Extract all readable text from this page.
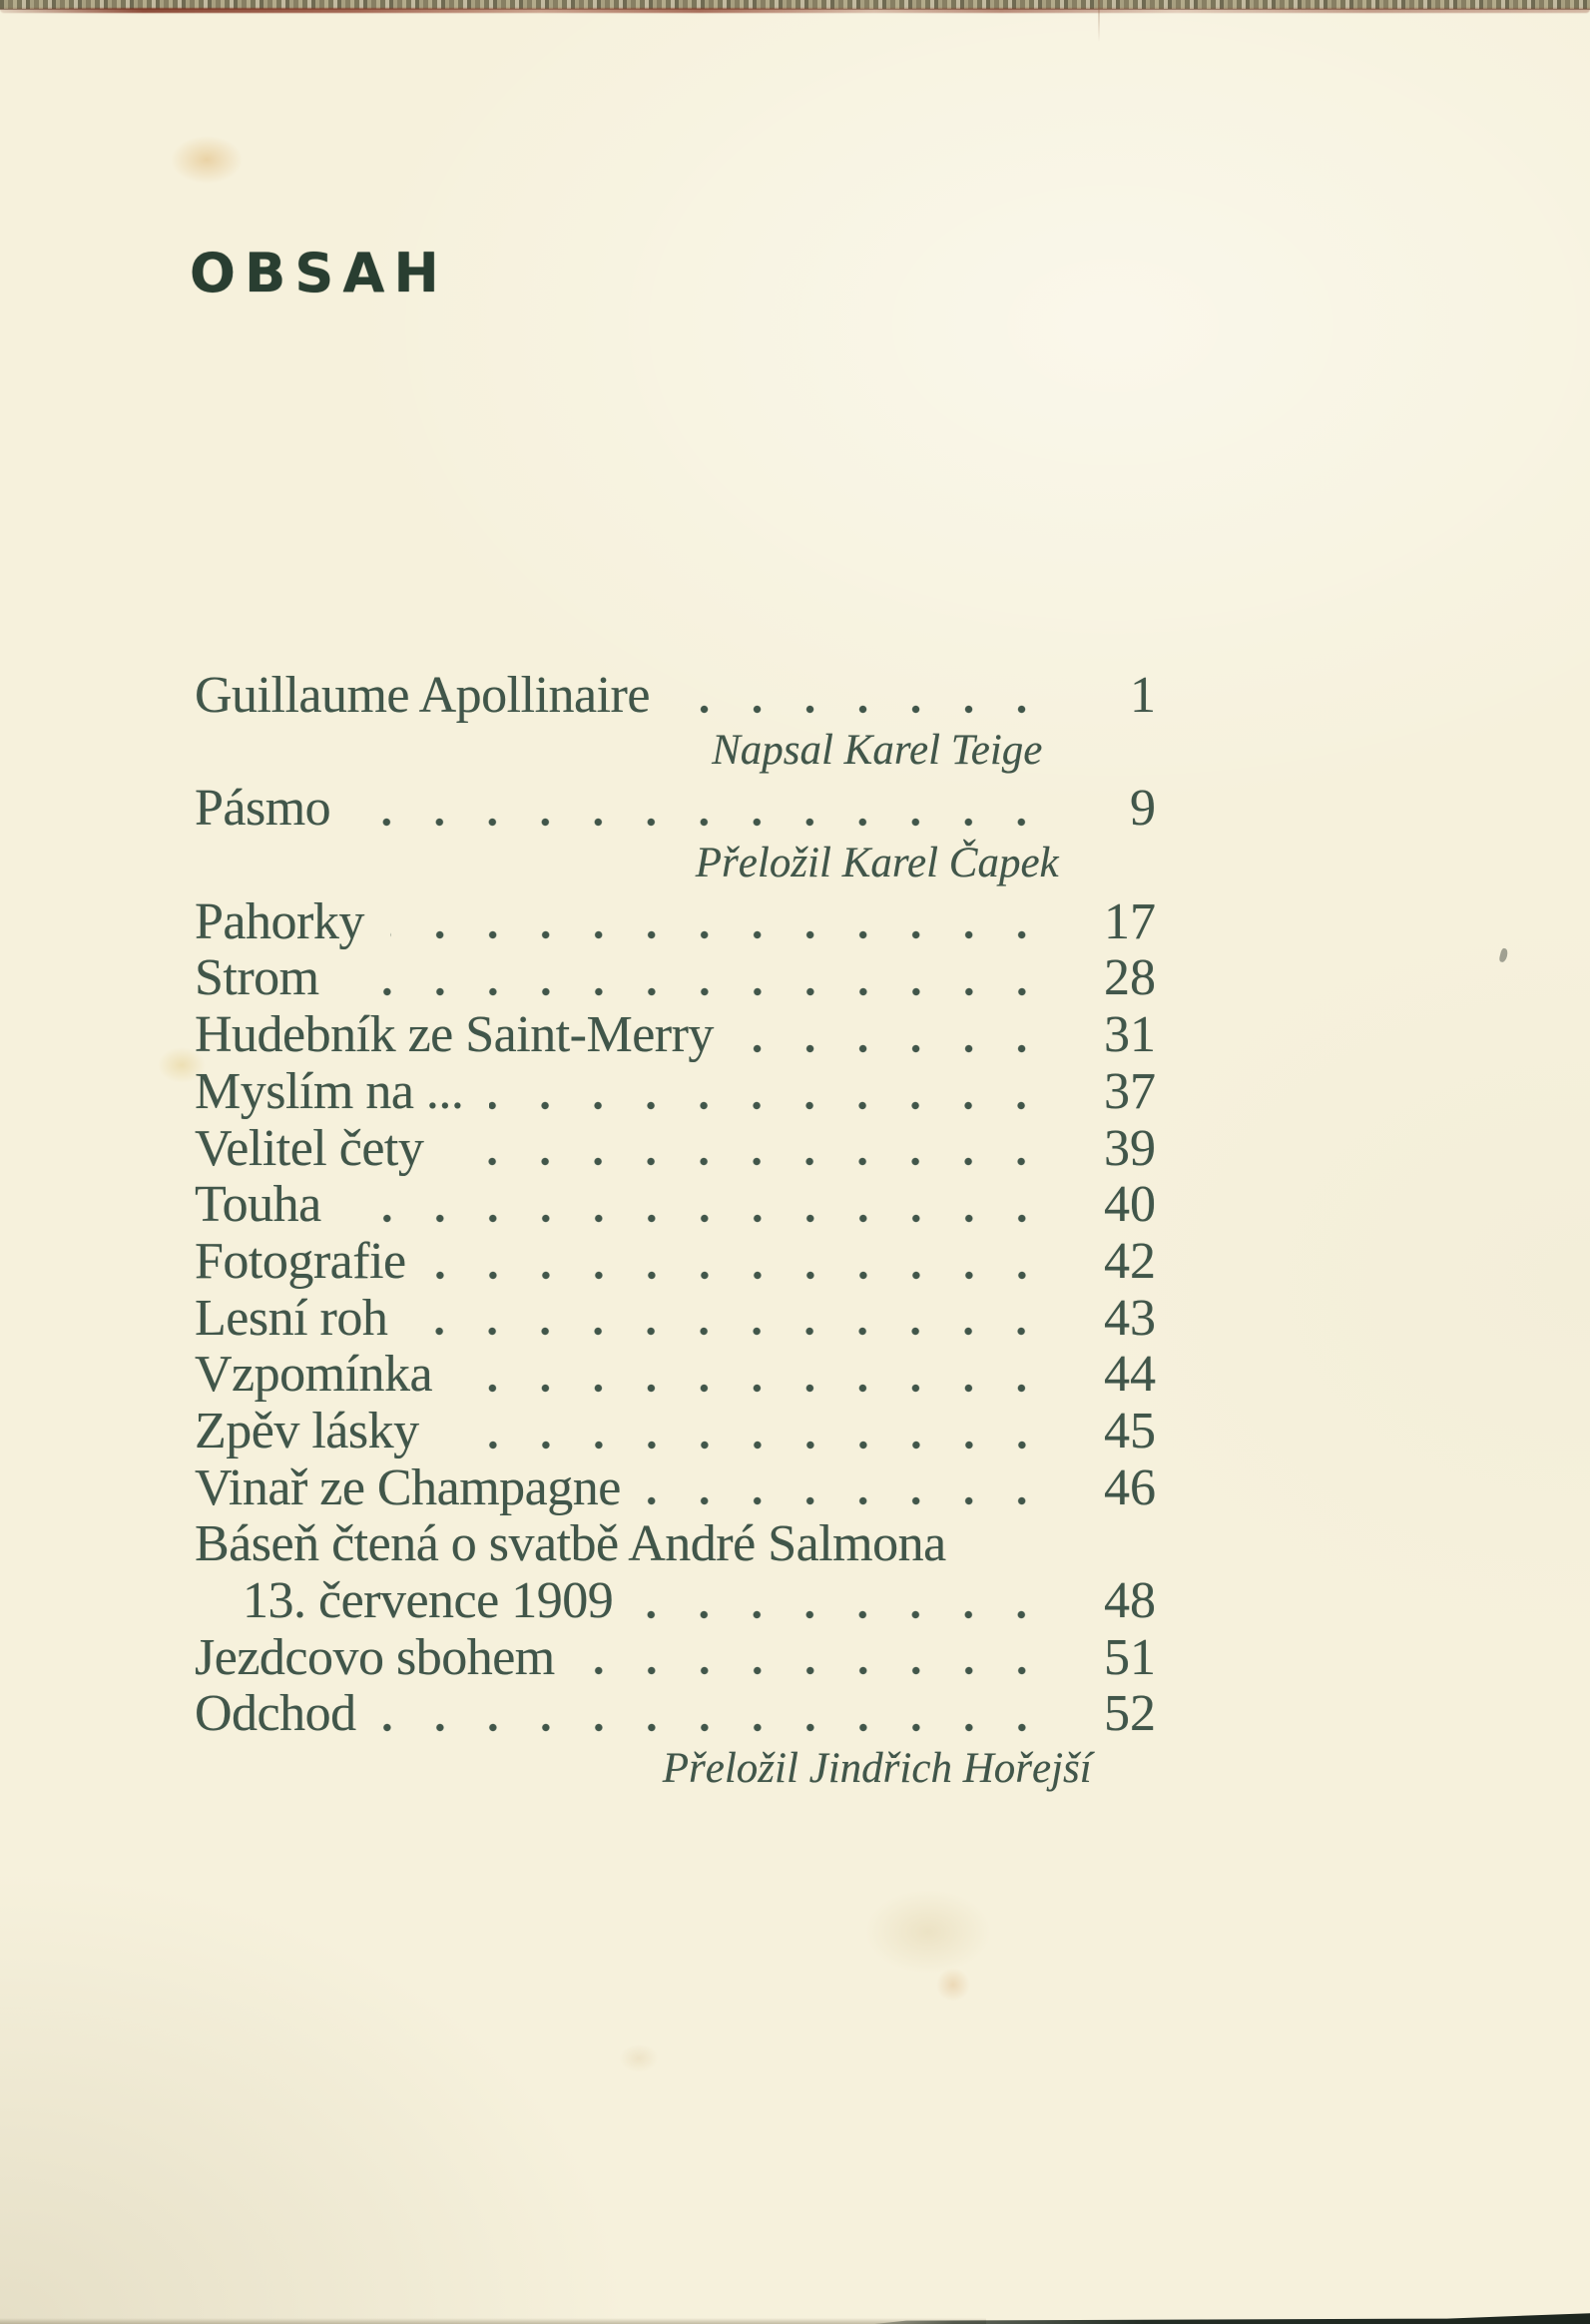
OBSAH
Guillaume Apollinaire	1
Napsal Karel Teige
Pásmo	9
Přeložil Karel Čapek
Pahorky	17
Strom	28
Hudebník ze Saint-Merry	31
Myslím na ...	37
Velitel čety	39
Touha	40
Fotografie	42
Lesní roh	43
Vzpomínka	44
Zpěv lásky	45
Vinař ze Champagne	46
Báseň čtená o svatbě André Salmona
13. července 1909	48
Jezdcovo sbohem	51
Odchod	52
Přeložil Jindřich Hořejší
